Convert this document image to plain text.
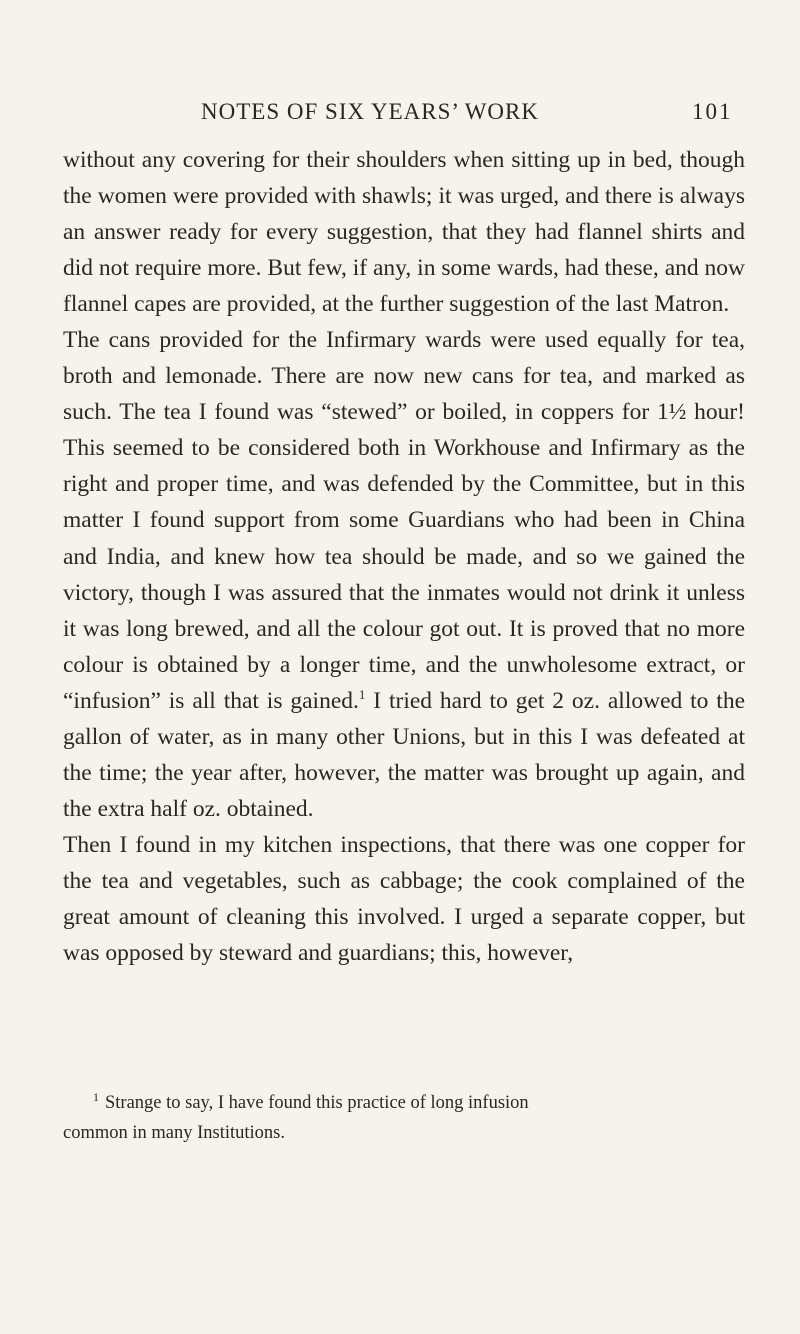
NOTES OF SIX YEARS’ WORK	101

without any covering for their shoulders when sitting up in bed, though the women were provided with shawls; it was urged, and there is always an answer ready for every suggestion, that they had flannel shirts and did not require more. But few, if any, in some wards, had these, and now flannel capes are provided, at the further suggestion of the last Matron.

The cans provided for the Infirmary wards were used equally for tea, broth and lemonade. There are now new cans for tea, and marked as such. The tea I found was “stewed” or boiled, in coppers for 1½ hour! This seemed to be considered both in Workhouse and Infirmary as the right and proper time, and was defended by the Committee, but in this matter I found support from some Guardians who had been in China and India, and knew how tea should be made, and so we gained the victory, though I was assured that the inmates would not drink it unless it was long brewed, and all the colour got out. It is proved that no more colour is obtained by a longer time, and the unwholesome extract, or “infusion” is all that is gained.$^1$ I tried hard to get 2 oz. allowed to the gallon of water, as in many other Unions, but in this I was defeated at the time; the year after, however, the matter was brought up again, and the extra half oz. obtained.

Then I found in my kitchen inspections, that there was one copper for the tea and vegetables, such as cabbage; the cook complained of the great amount of cleaning this involved. I urged a separate copper, but was opposed by steward and guardians; this, however,

$^1$ Strange to say, I have found this practice of long infusion
common in many Institutions.
